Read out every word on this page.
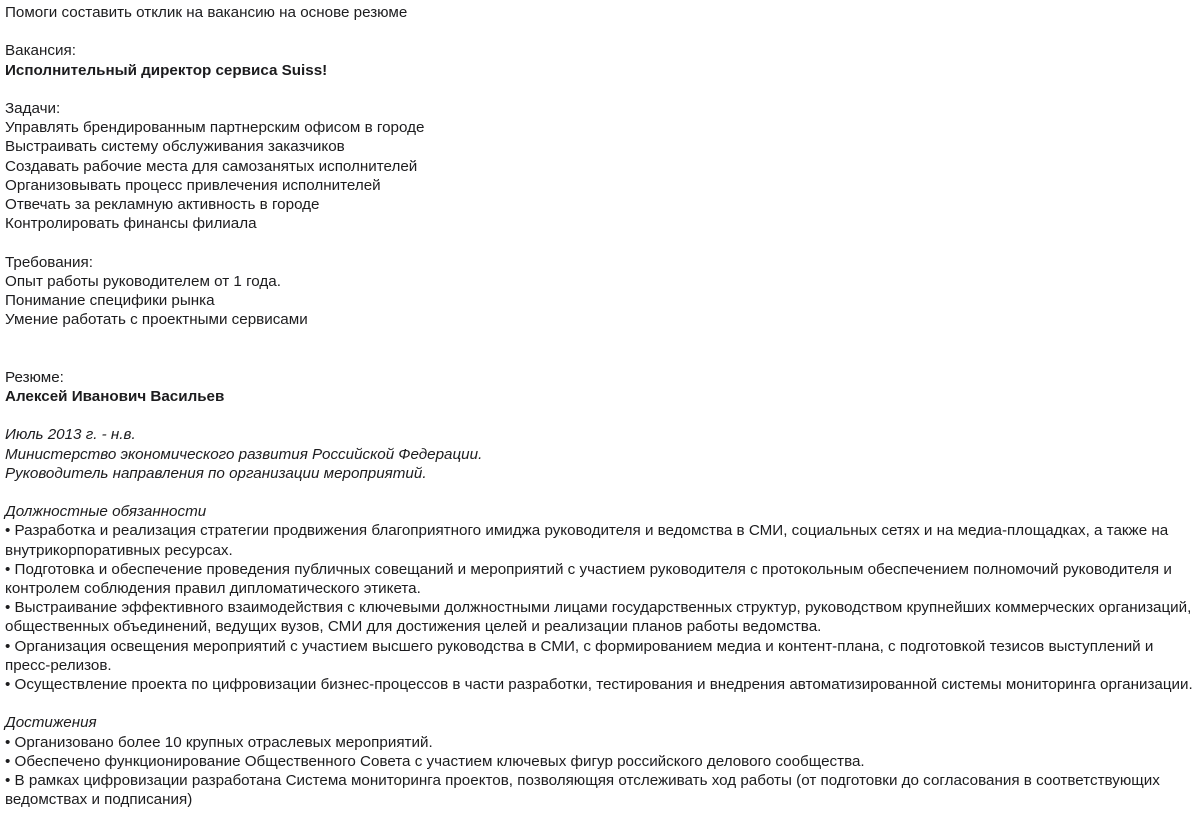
Помоги составить отклик на вакансию на основе резюме
Вакансия:
Исполнительный директор сервиса Suiss!
Задачи:
Управлять брендированным партнерским офисом в городе
Выстраивать систему обслуживания заказчиков
Создавать рабочие места для самозанятых исполнителей
Организовывать процесс привлечения исполнителей
Отвечать за рекламную активность в городе
Контролировать финансы филиала
Требования:
Опыт работы руководителем от 1 года.
Понимание специфики рынка
Умение работать с проектными сервисами
Резюме:
Алексей Иванович Васильев
Июль 2013 г. - н.в.
Министерство экономического развития Российской Федерации.
Руководитель направления по организации мероприятий.
Должностные обязанности
• Разработка и реализация стратегии продвижения благоприятного имиджа руководителя и ведомства в СМИ, социальных сетях и на медиа-площадках, а также на внутрикорпоративных ресурсах.
• Подготовка и обеспечение проведения публичных совещаний и мероприятий с участием руководителя с протокольным обеспечением полномочий руководителя и контролем соблюдения правил дипломатического этикета.
• Выстраивание эффективного взаимодействия с ключевыми должностными лицами государственных структур, руководством крупнейших коммерческих организаций, общественных объединений, ведущих вузов, СМИ для достижения целей и реализации планов работы ведомства.
• Организация освещения мероприятий с участием высшего руководства в СМИ, с формированием медиа и контент-плана, с подготовкой тезисов выступлений и пресс-релизов.
• Осуществление проекта по цифровизации бизнес-процессов в части разработки, тестирования и внедрения автоматизированной системы мониторинга организации.
Достижения
• Организовано более 10 крупных отраслевых мероприятий.
• Обеспечено функционирование Общественного Совета с участием ключевых фигур российского делового сообщества.
• В рамках цифровизации разработана Система мониторинга проектов, позволяющяя отслеживать ход работы (от подготовки до согласования в соответствующих ведомствах и подписания)
